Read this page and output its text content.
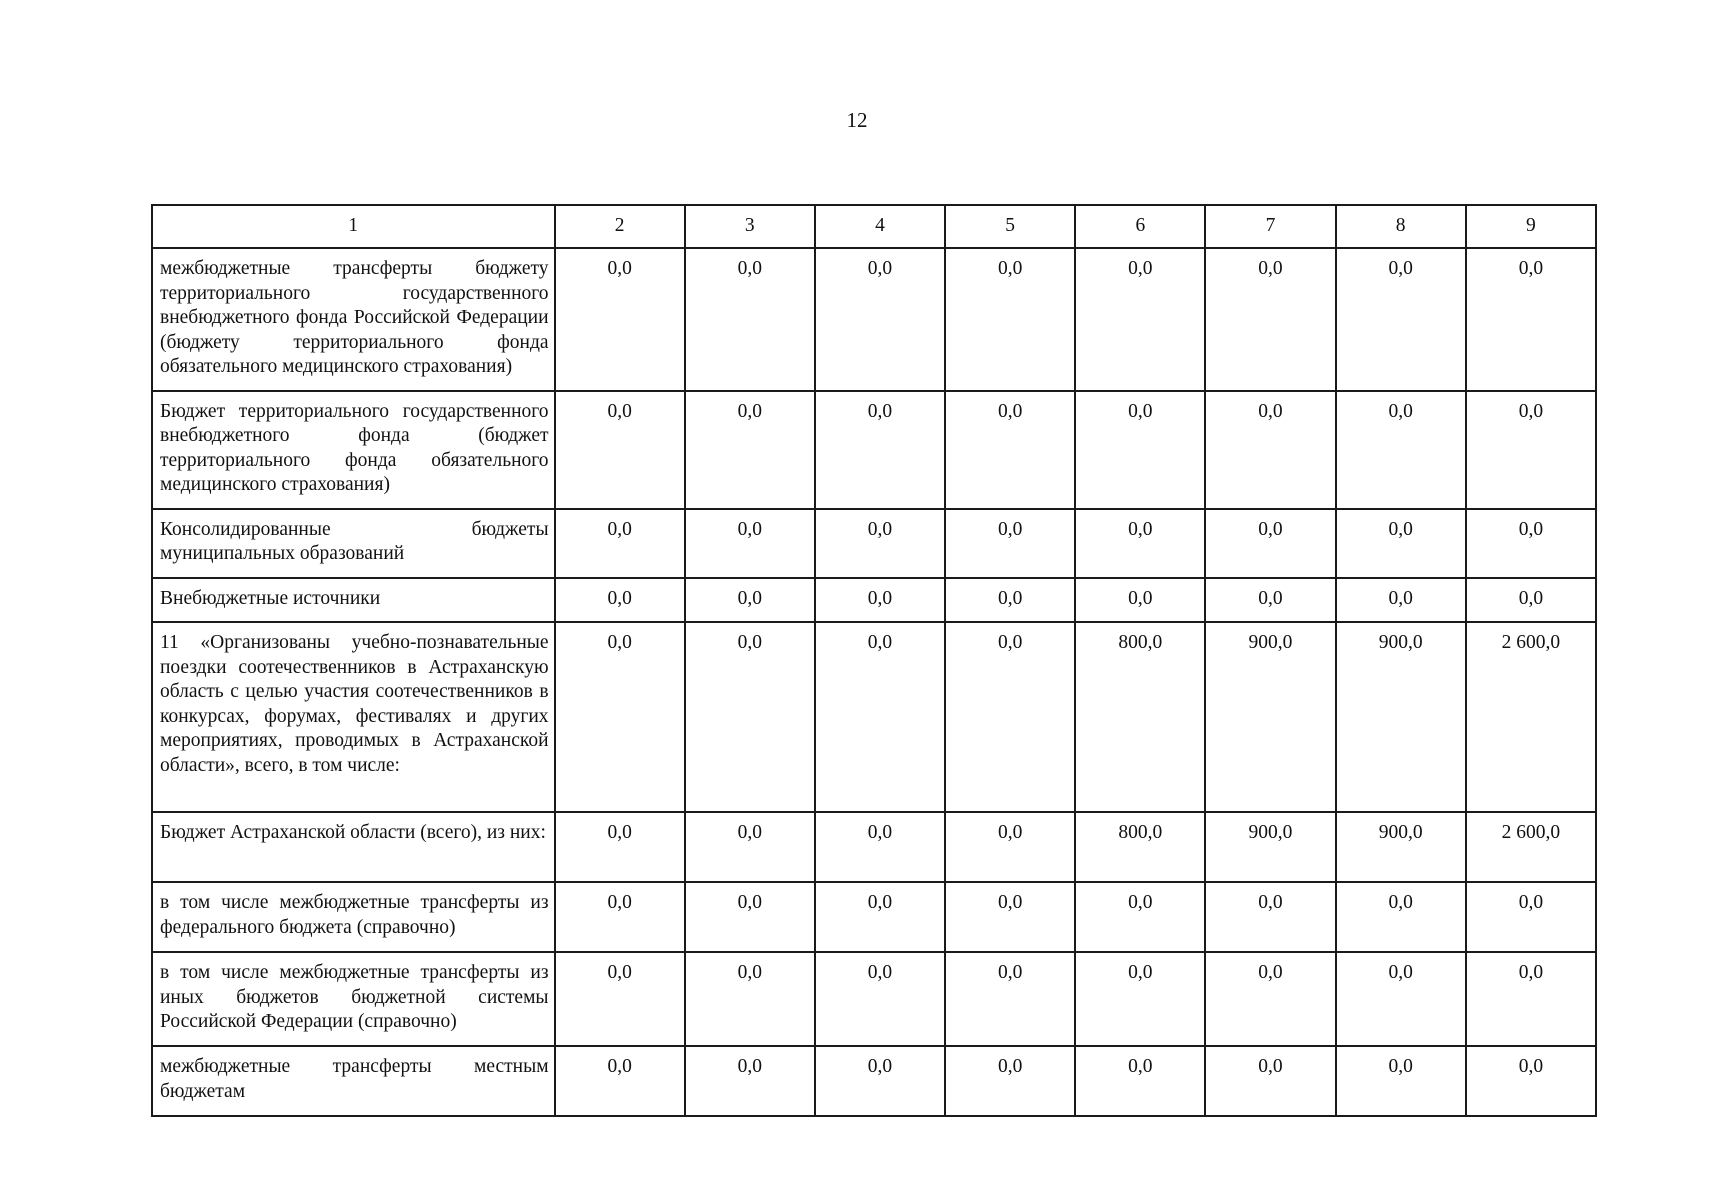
12
1	2	3	4	5	6	7	8	9
межбюджетные трансферты бюджету территориального государственного внебюджетного фонда Российской Федерации (бюджету территориального фонда обязательного медицинского страхования)	0,0	0,0	0,0	0,0	0,0	0,0	0,0	0,0
Бюджет территориального государственного внебюджетного фонда (бюджет территориального фонда обязательного медицинского страхования)	0,0	0,0	0,0	0,0	0,0	0,0	0,0	0,0
Консолидированные бюджеты муниципальных образований	0,0	0,0	0,0	0,0	0,0	0,0	0,0	0,0
Внебюджетные источники	0,0	0,0	0,0	0,0	0,0	0,0	0,0	0,0
11 «Организованы учебно-познавательные поездки соотечественников в Астраханскую область с целью участия соотечественников в конкурсах, форумах, фестивалях и других мероприятиях, проводимых в Астраханской области», всего, в том числе:	0,0	0,0	0,0	0,0	800,0	900,0	900,0	2 600,0
Бюджет Астраханской области (всего), из них:	0,0	0,0	0,0	0,0	800,0	900,0	900,0	2 600,0
в том числе межбюджетные трансферты из федерального бюджета (справочно)	0,0	0,0	0,0	0,0	0,0	0,0	0,0	0,0
в том числе межбюджетные трансферты из иных бюджетов бюджетной системы Российской Федерации (справочно)	0,0	0,0	0,0	0,0	0,0	0,0	0,0	0,0
межбюджетные трансферты местным бюджетам	0,0	0,0	0,0	0,0	0,0	0,0	0,0	0,0
